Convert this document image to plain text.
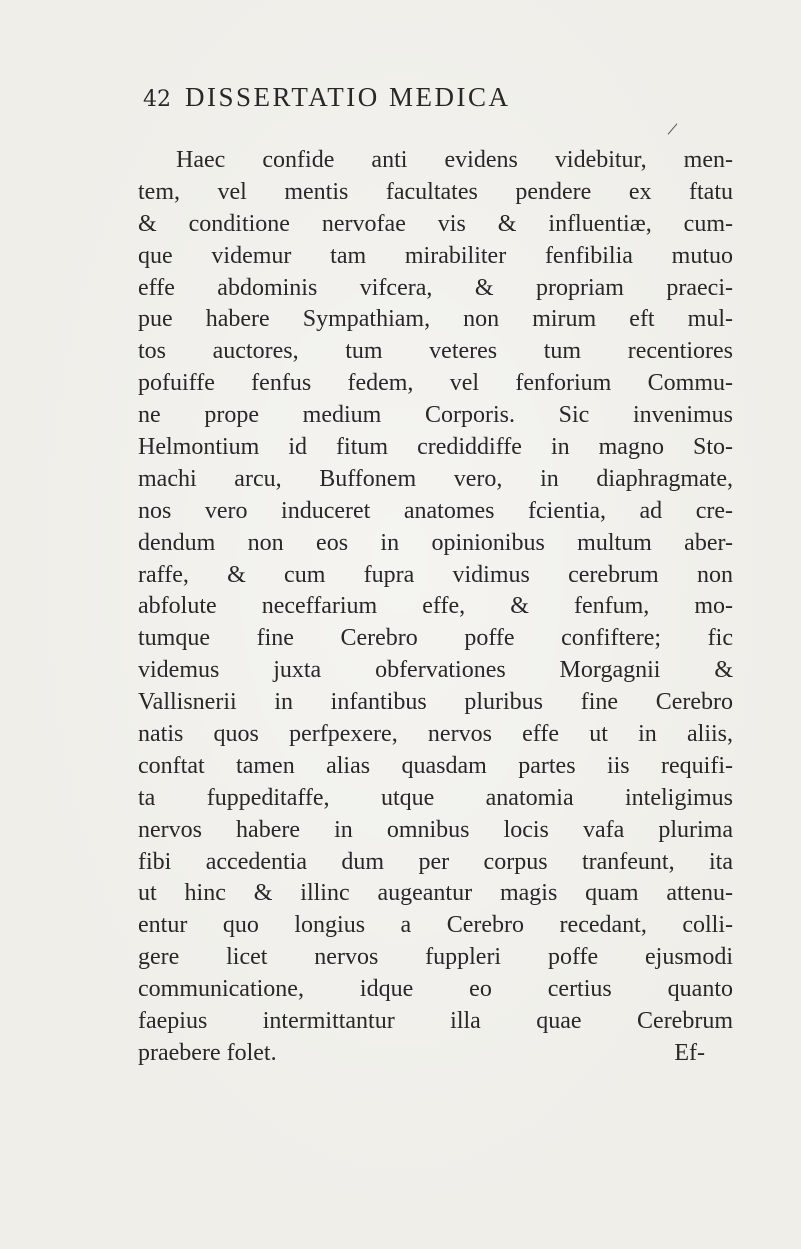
42 DISSERTATIO MEDICA
Haec confide anti evidens videbitur, men-
tem, vel mentis facultates pendere ex ftatu
& conditione nervofae vis & influentiæ, cum-
que videmur tam mirabiliter fenfibilia mutuo
effe abdominis vifcera, & propriam praeci-
pue habere Sympathiam, non mirum eft mul-
tos auctores, tum veteres tum recentiores
pofuiffe fenfus fedem, vel fenforium Commu-
ne prope medium Corporis. Sic invenimus
Helmontium id fitum crediddiffe in magno Sto-
machi arcu, Buffonem vero, in diaphragmate,
nos vero induceret anatomes fcientia, ad cre-
dendum non eos in opinionibus multum aber-
raffe, & cum fupra vidimus cerebrum non
abfolute neceffarium effe, & fenfum, mo-
tumque fine Cerebro poffe confiftere; fic
videmus juxta obfervationes Morgagnii &
Vallisnerii in infantibus pluribus fine Cerebro
natis quos perfpexere, nervos effe ut in aliis,
conftat tamen alias quasdam partes iis requifi-
ta fuppeditaffe, utque anatomia inteligimus
nervos habere in omnibus locis vafa plurima
fibi accedentia dum per corpus tranfeunt, ita
ut hinc & illinc augeantur magis quam attenu-
entur quo longius a Cerebro recedant, colli-
gere licet nervos fuppleri poffe ejusmodi
communicatione, idque eo certius quanto
faepius intermittantur illa quae Cerebrum
praebere folet.	Ef-
